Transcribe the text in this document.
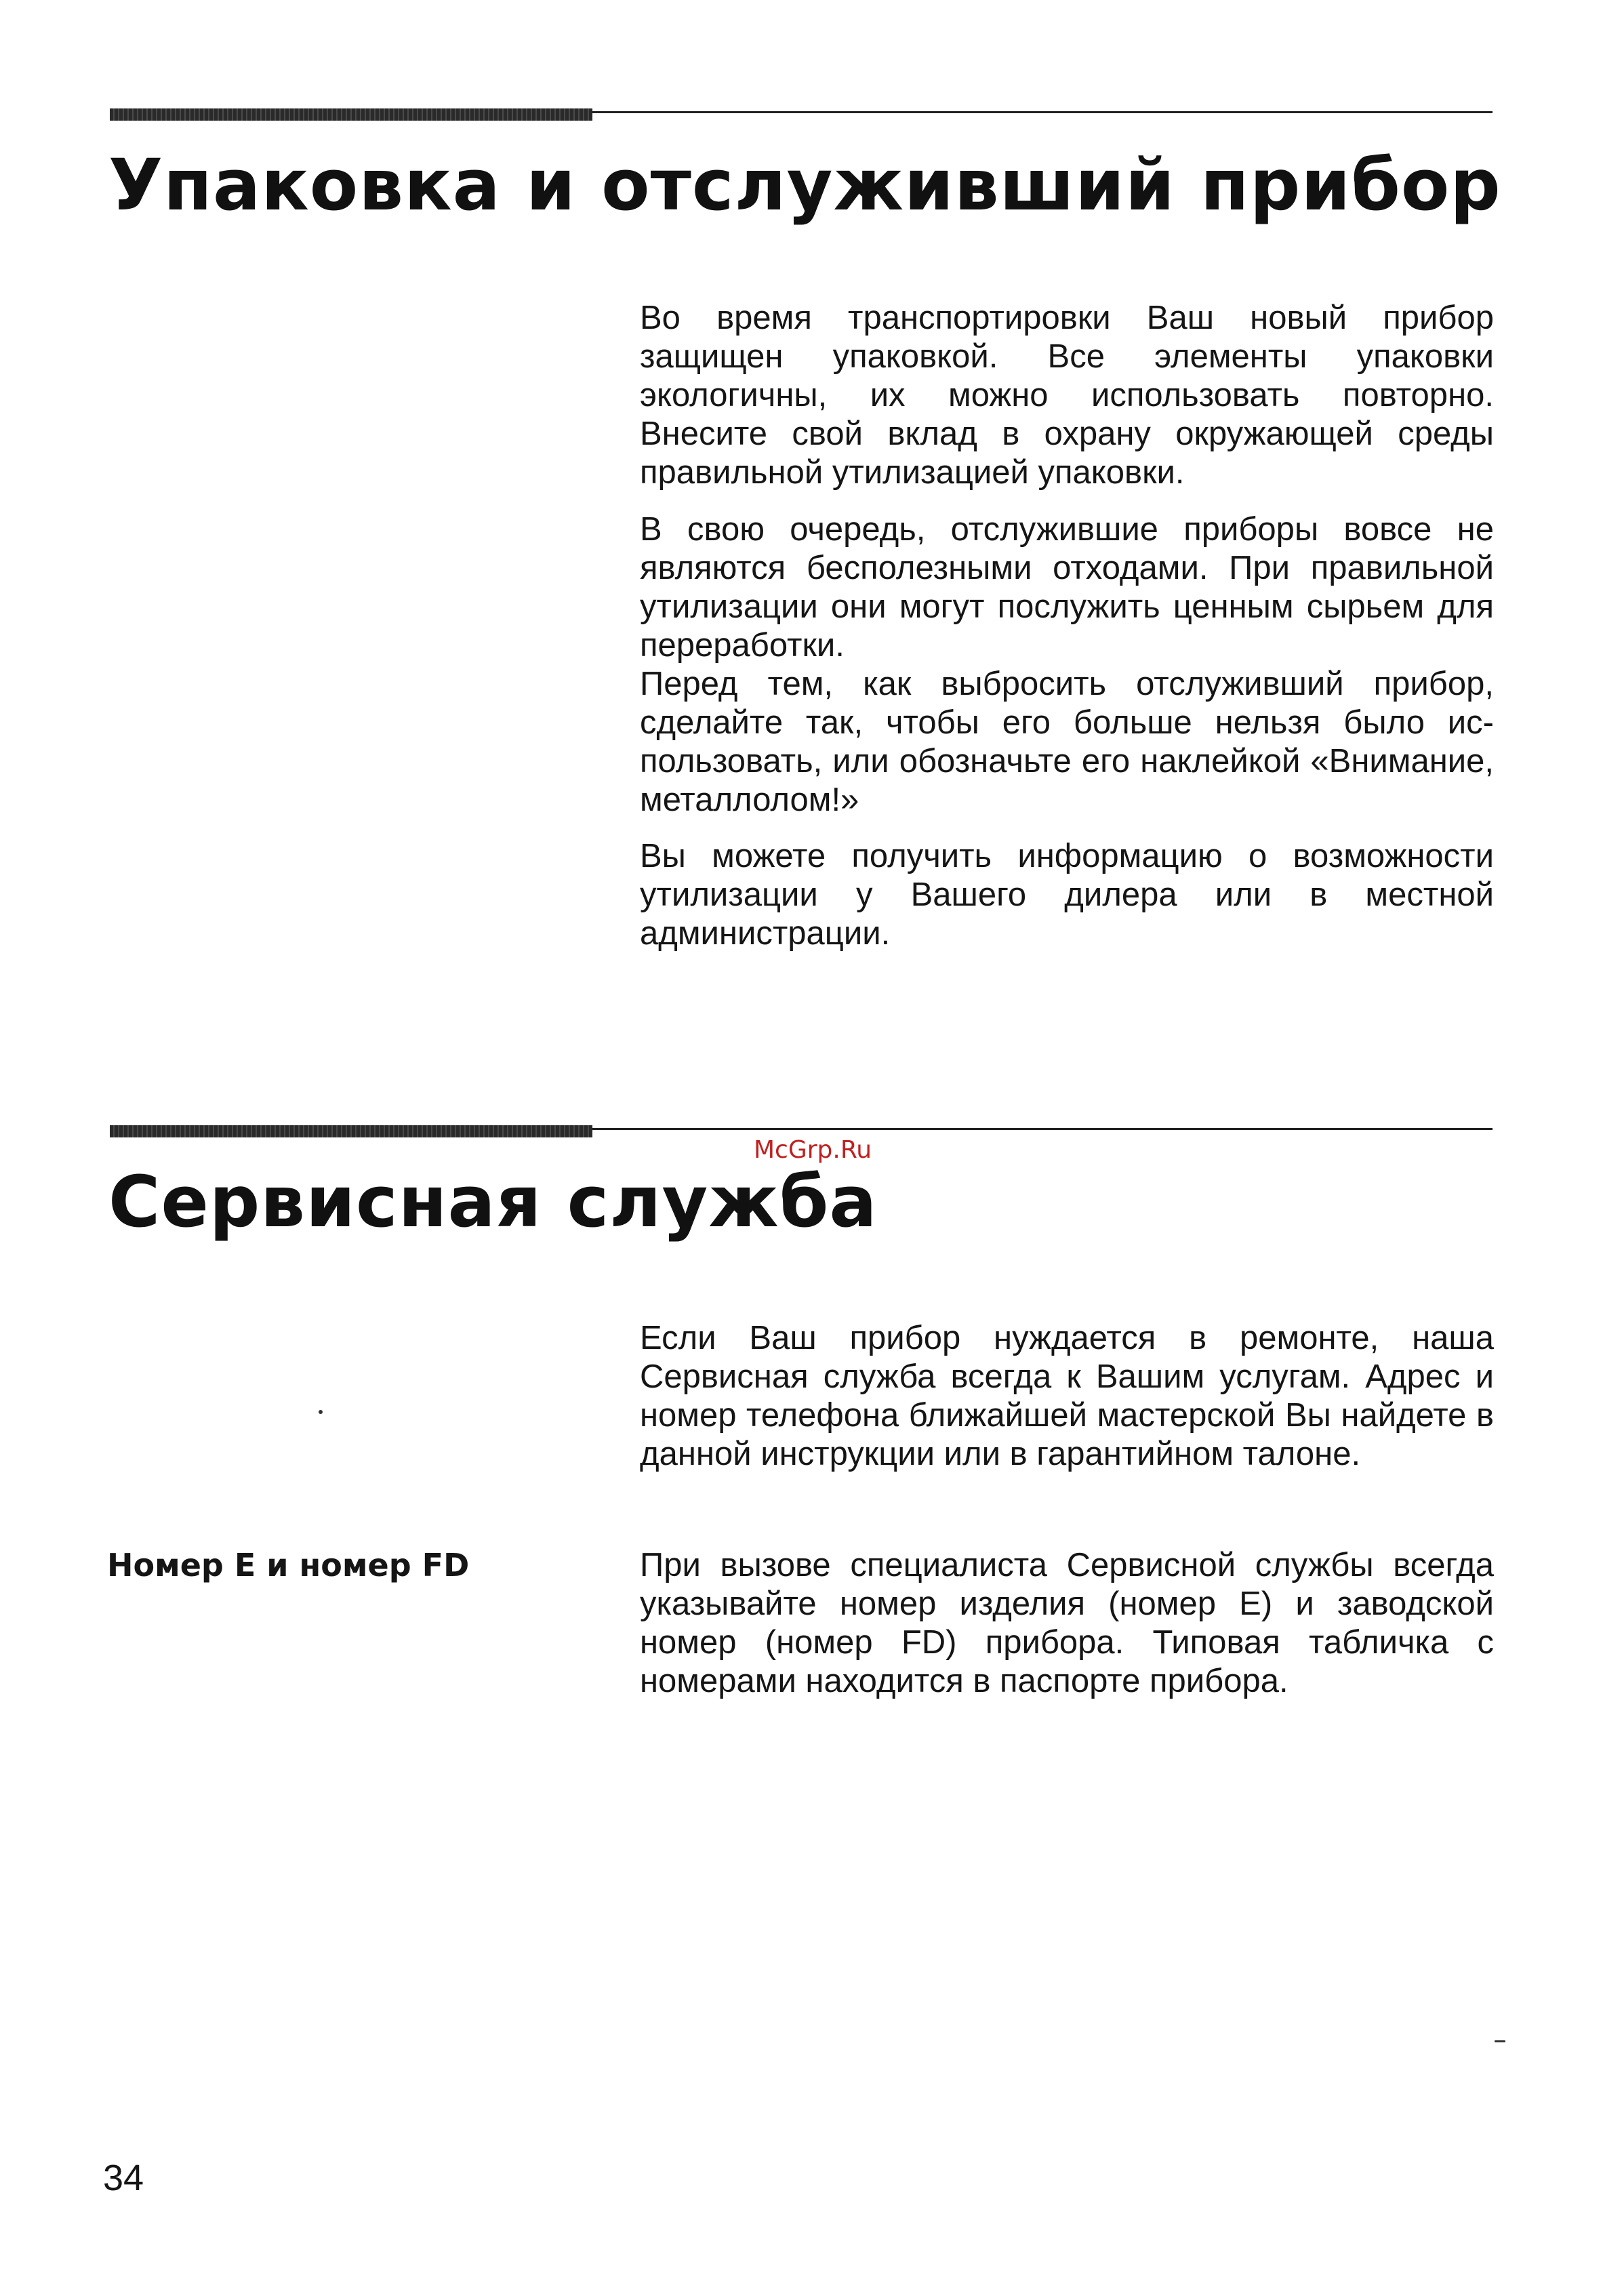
Упаковка и отслуживший прибор

Во время транспортировки Ваш новый прибор защищен упаковкой. Все элементы упаковки экологичны, их можно использовать повторно. Внесите свой вклад в охрану окружающей среды правильной утилизацией упаковки.

В свою очередь, отслужившие приборы вовсе не являются бесполезными отходами. При правильной утилизации они могут послужить ценным сырьем для переработки.

Перед тем, как выбросить отслуживший прибор, сделайте так, чтобы его больше нельзя было использовать, или обозначьте его наклейкой «Внимание, металлолом!»

Вы можете получить информацию о возможности утилизации у Вашего дилера или в местной администрации.

McGrp.Ru
Сервисная служба

Если Ваш прибор нуждается в ремонте, наша Сервисная служба всегда к Вашим услугам. Адрес и номер телефона ближайшей мастерской Вы найдете в данной инструкции или в гарантийном талоне.

Номер Е и номер FD	При вызове специалиста Сервисной службы всегда указывайте номер изделия (номер Е) и заводской номер (номер FD) прибора. Типовая табличка с номерами находится в паспорте прибора.

34
